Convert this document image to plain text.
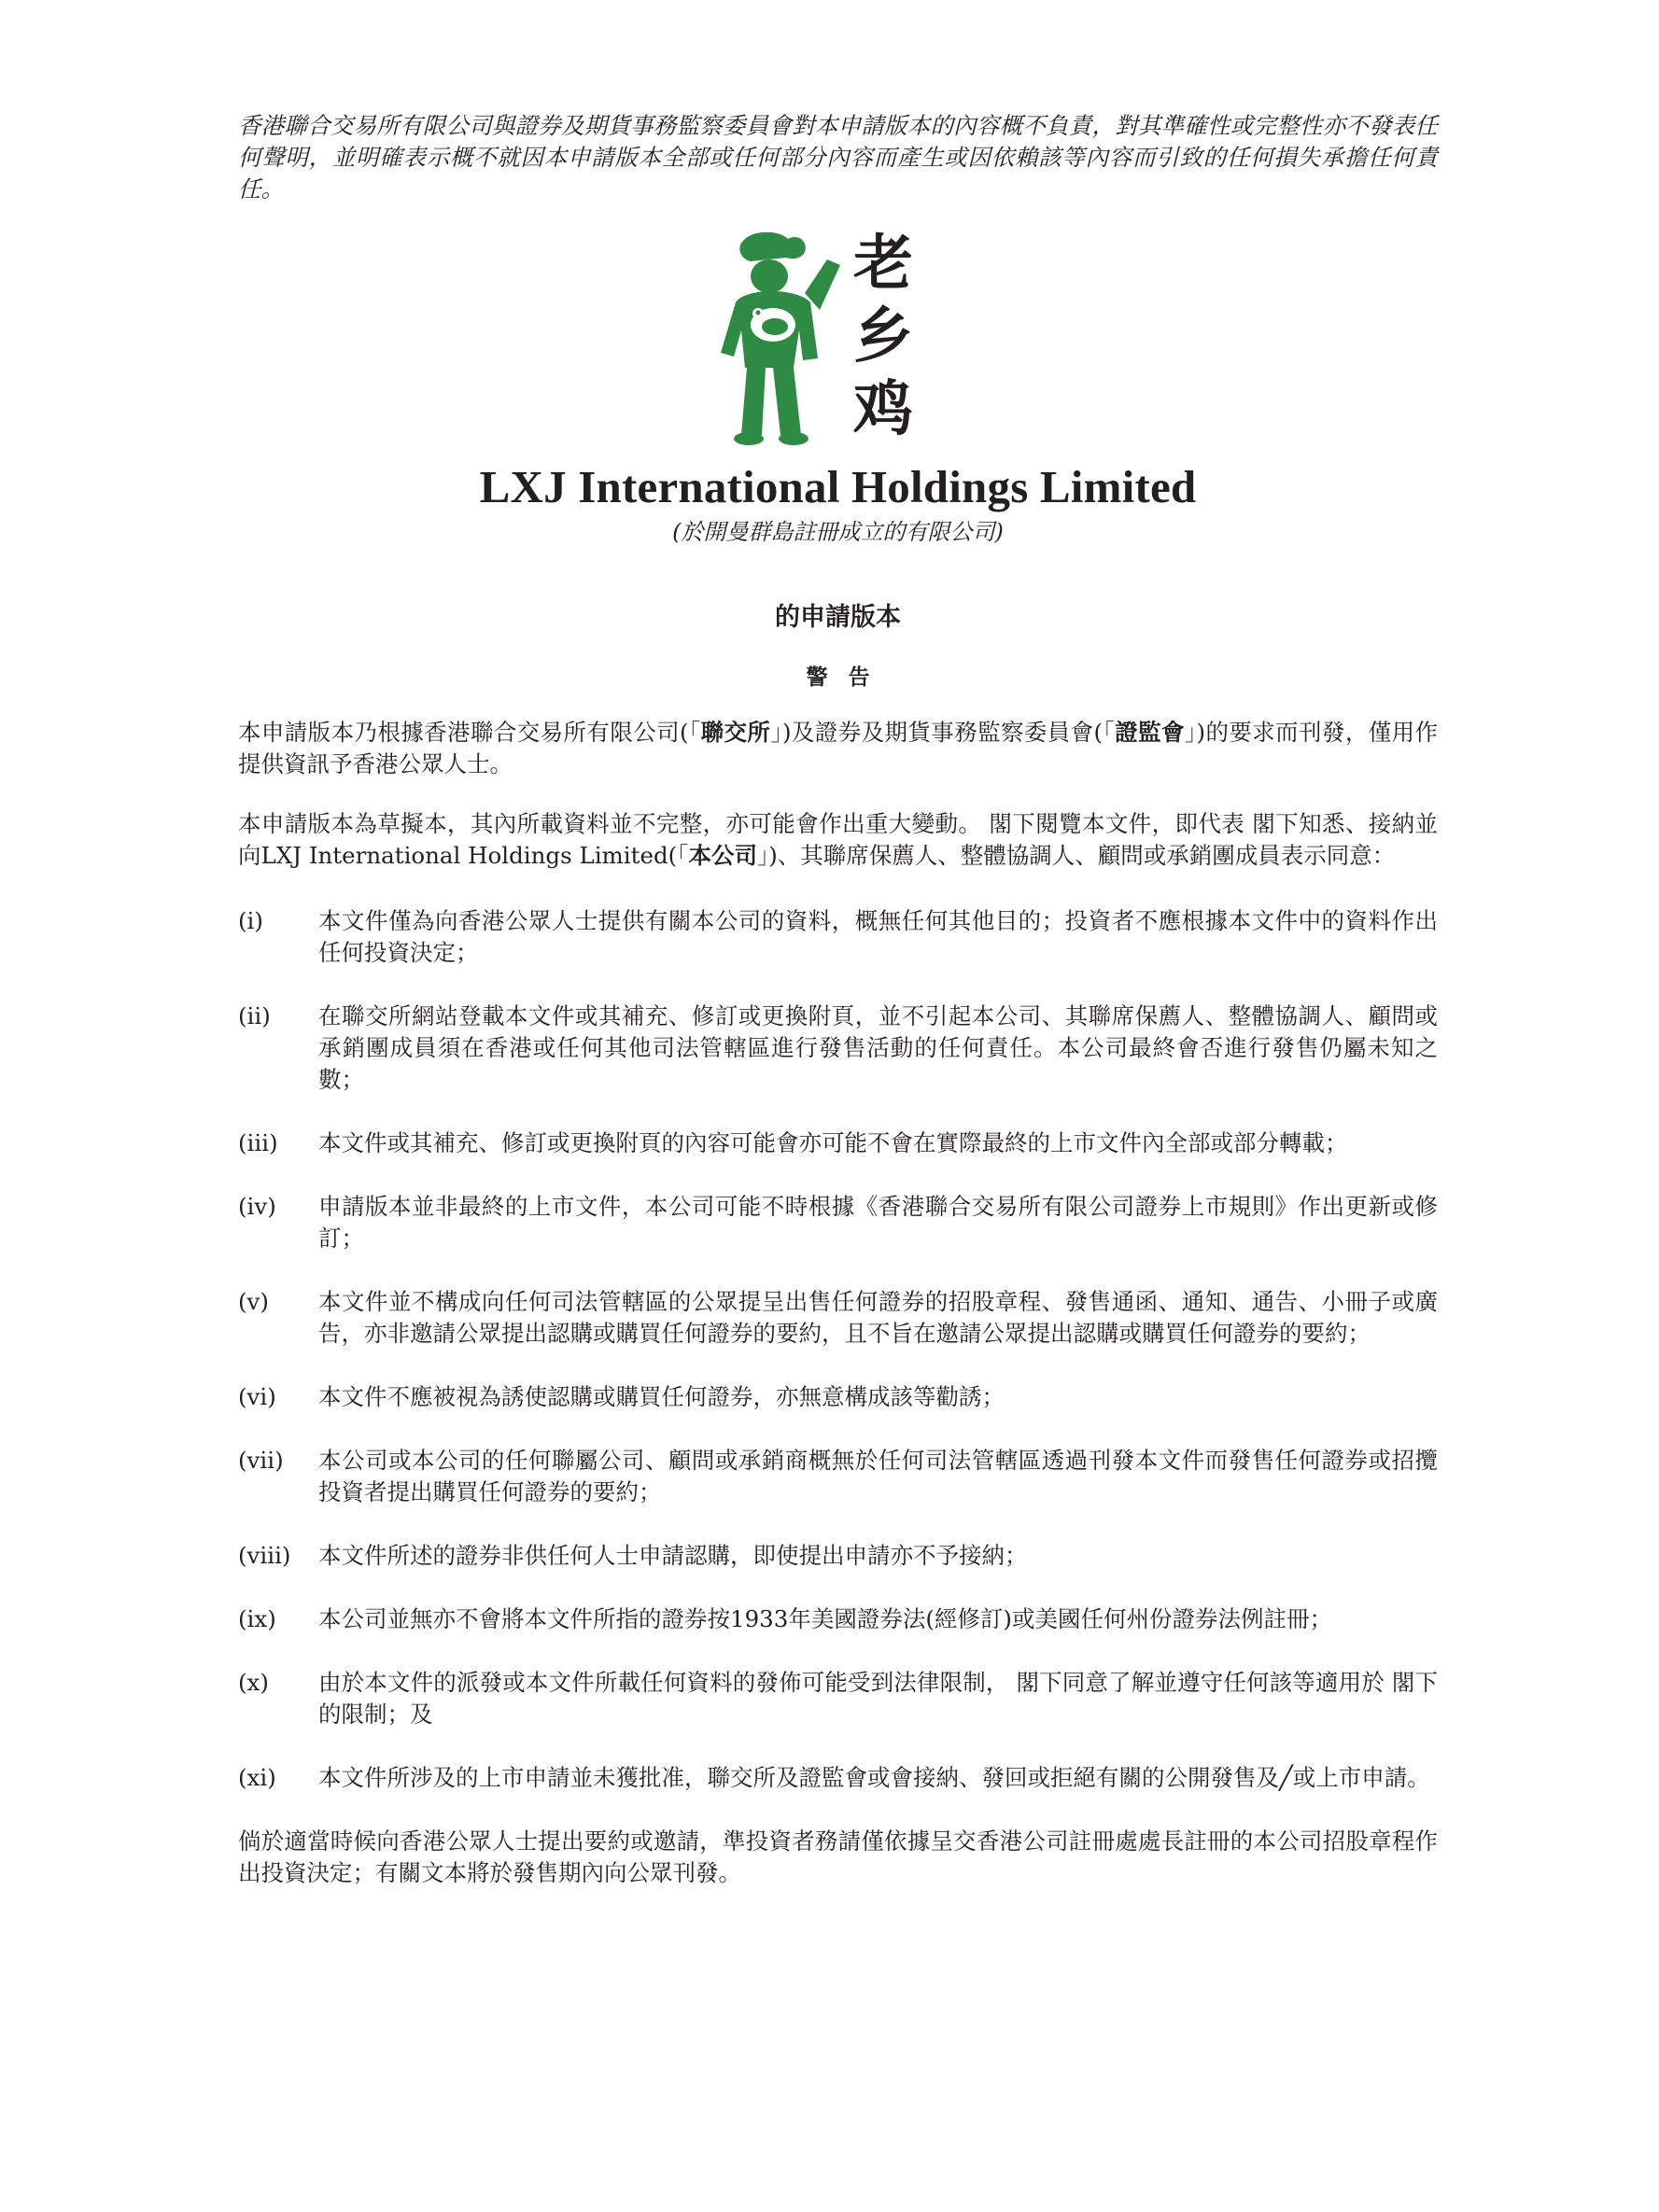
香港聯合交易所有限公司與證券及期貨事務監察委員會對本申請版本的內容概不負責，對其準確性或完整性亦不發表任何聲明，並明確表示概不就因本申請版本全部或任何部分內容而產生或因依賴該等內容而引致的任何損失承擔任何責任。

老
乡
鸡
LXJ International Holdings Limited

(於開曼群島註冊成立的有限公司)

的申請版本
警告

本申請版本乃根據香港聯合交易所有限公司(「聯交所」)及證券及期貨事務監察委員會(「證監會」)的要求而刊發，僅用作提供資訊予香港公眾人士。

本申請版本為草擬本，其內所載資料並不完整，亦可能會作出重大變動。 閣下閱覽本文件，即代表 閣下知悉、接納並向LXJ International Holdings Limited(「本公司」)、其聯席保薦人、整體協調人、顧問或承銷團成員表示同意：

(i)	本文件僅為向香港公眾人士提供有關本公司的資料，概無任何其他目的；投資者不應根據本文件中的資料作出任何投資決定；
(ii)	在聯交所網站登載本文件或其補充、修訂或更換附頁，並不引起本公司、其聯席保薦人、整體協調人、顧問或承銷團成員須在香港或任何其他司法管轄區進行發售活動的任何責任。本公司最終會否進行發售仍屬未知之數；
(iii)	本文件或其補充、修訂或更換附頁的內容可能會亦可能不會在實際最終的上市文件內全部或部分轉載；
(iv)	申請版本並非最終的上市文件，本公司可能不時根據《香港聯合交易所有限公司證券上市規則》作出更新或修訂；
(v)	本文件並不構成向任何司法管轄區的公眾提呈出售任何證券的招股章程、發售通函、通知、通告、小冊子或廣告，亦非邀請公眾提出認購或購買任何證券的要約，且不旨在邀請公眾提出認購或購買任何證券的要約；
(vi)	本文件不應被視為誘使認購或購買任何證券，亦無意構成該等勸誘；
(vii)	本公司或本公司的任何聯屬公司、顧問或承銷商概無於任何司法管轄區透過刊發本文件而發售任何證券或招攬投資者提出購買任何證券的要約；
(viii)	本文件所述的證券非供任何人士申請認購，即使提出申請亦不予接納；
(ix)	本公司並無亦不會將本文件所指的證券按1933年美國證券法(經修訂)或美國任何州份證券法例註冊；
(x)	由於本文件的派發或本文件所載任何資料的發佈可能受到法律限制， 閣下同意了解並遵守任何該等適用於 閣下的限制；及
(xi)	本文件所涉及的上市申請並未獲批准，聯交所及證監會或會接納、發回或拒絕有關的公開發售及╱或上市申請。

倘於適當時候向香港公眾人士提出要約或邀請，準投資者務請僅依據呈交香港公司註冊處處長註冊的本公司招股章程作出投資決定；有關文本將於發售期內向公眾刊發。
